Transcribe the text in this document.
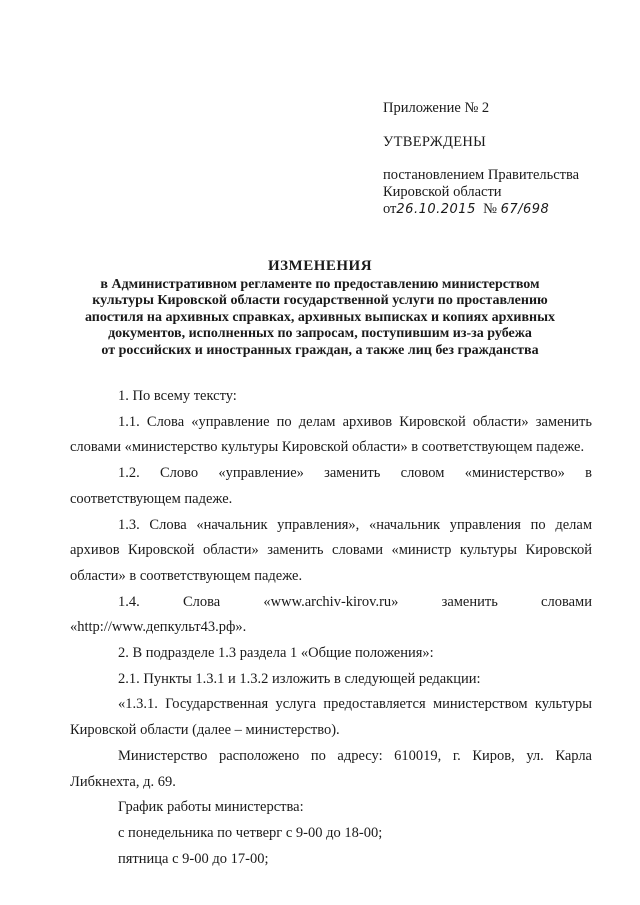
Приложение № 2
УТВЕРЖДЕНЫ
постановлением Правительства
Кировской области
от26.10.2015 № 67/698
ИЗМЕНЕНИЯ
в Административном регламенте по предоставлению министерством
культуры Кировской области государственной услуги по проставлению
апостиля на архивных справках, архивных выписках и копиях архивных
документов, исполненных по запросам, поступившим из-за рубежа
от российских и иностранных граждан, а также лиц без гражданства

1. По всему тексту:

1.1. Слова «управление по делам архивов Кировской области» заменить словами «министерство культуры Кировской области» в соответствующем падеже.

1.2. Слово «управление» заменить словом «министерство» в соответствующем падеже.

1.3. Слова «начальник управления», «начальник управления по делам архивов Кировской области» заменить словами «министр культуры Кировской области» в соответствующем падеже.

1.4.	Слова	«www.archiv-kirov.ru»	заменить	словами

«http://www.депкульт43.рф».

2. В подразделе 1.3 раздела 1 «Общие положения»:

2.1. Пункты 1.3.1 и 1.3.2 изложить в следующей редакции:

«1.3.1. Государственная услуга предоставляется министерством культуры Кировской области (далее – министерство).

Министерство расположено по адресу: 610019, г. Киров, ул. Карла Либкнехта, д. 69.

График работы министерства:

с понедельника по четверг с 9-00 до 18-00;

пятница с 9-00 до 17-00;
